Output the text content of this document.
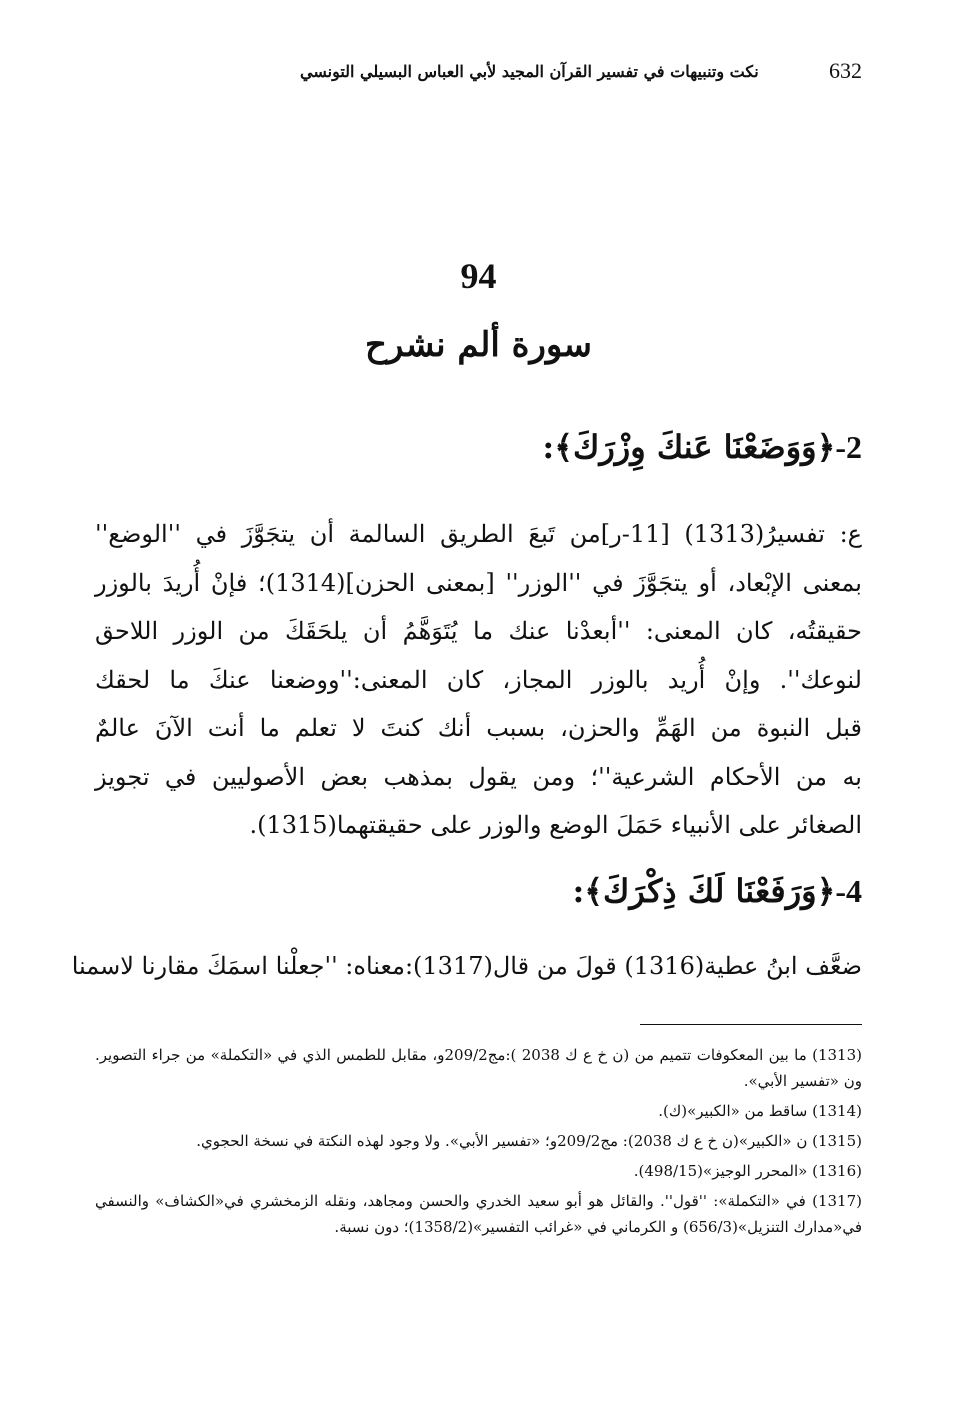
632
نكت وتنبيهات في تفسير القرآن المجيد لأبي العباس البسيلي التونسي
94
سورة ألم نشرح
2-﴿وَوَضَعْنَا عَنكَ وِزْرَكَ﴾:
ع: تفسيرُ(1313) [11-ر]من تَبعَ الطريق السالمة أن يتجَوَّزَ في ''الوضع''
بمعنى الإبْعاد، أو يتجَوَّزَ في ''الوزر'' [بمعنى الحزن](1314)؛ فإنْ أُريدَ بالوزر
حقيقتُه، كان المعنى: ''أبعدْنا عنك ما يُتَوَهَّمُ أن يلحَقَكَ من الوزر اللاحق
لنوعك''. وإنْ أُريد بالوزر المجاز، كان المعنى:''ووضعنا عنكَ ما لحقك
قبل النبوة من الهَمِّ والحزن، بسبب أنك كنتَ لا تعلم ما أنت الآنَ عالمٌ
به من الأحكام الشرعية''؛ ومن يقول بمذهب بعض الأصوليين في تجويز
الصغائر على الأنبياء حَمَلَ الوضع والوزر على حقيقتهما(1315).
4-﴿وَرَفَعْنَا لَكَ ذِكْرَكَ﴾:
ضعَّف ابنُ عطية(1316) قولَ من قال(1317):معناه: ''جعلْنا اسمَكَ مقارنا لاسمنا
(1313) ما بين المعكوفات تتميم من (ن خ ع ك 2038 ):مج209/2و، مقابل للطمس الذي في «التكملة» من جراء التصوير. ون «تفسير الأبي».
(1314) ساقط من «الكبير»(ك).
(1315) ن «الكبير»(ن خ ع ك 2038): مج209/2و؛ «تفسير الأبي». ولا وجود لهذه النكتة في نسخة الحجوي.
(1316) «المحرر الوجيز»(498/15).
(1317) في «التكملة»: ''قول''. والقائل هو أبو سعيد الخدري والحسن ومجاهد، ونقله الزمخشري في«الكشاف» والنسفي في«مدارك التنزيل»(656/3) و الكرماني في «غرائب التفسير»(1358/2)؛ دون نسبة.
